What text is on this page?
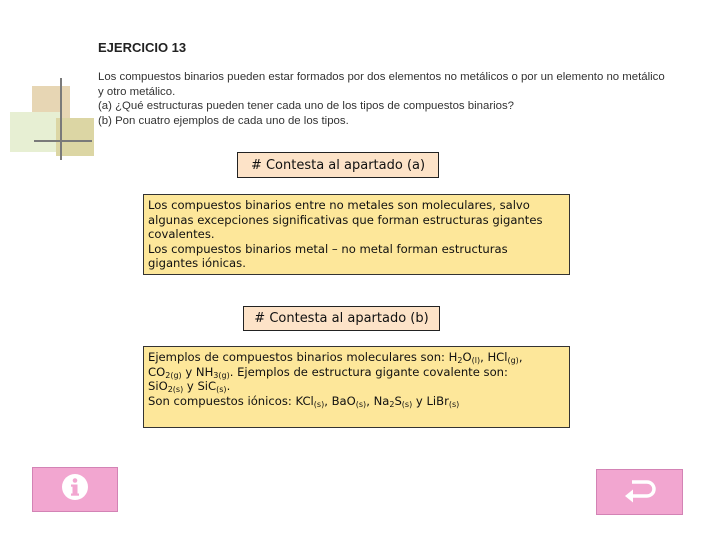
EJERCICIO 13
Los compuestos binarios pueden estar formados por dos elementos no metálicos o por un elemento no metálico
y otro metálico.
(a) ¿Qué estructuras pueden tener cada uno de los tipos de compuestos binarios?
(b) Pon cuatro ejemplos de cada uno de los tipos.
# Contesta al apartado (a)
Los compuestos binarios entre no metales son moleculares, salvo
algunas excepciones significativas que forman estructuras gigantes
covalentes.
Los compuestos binarios metal – no metal forman estructuras
gigantes iónicas.
# Contesta al apartado (b)
Ejemplos de compuestos binarios moleculares son: $H_2O_{(l)}$, HCl$_{(g)}$,
$CO_{2(g)}$ y $NH_{3(g)}$. Ejemplos de estructura gigante covalente son:
SiO$_{2(s)}$ y SiC$_{(s)}$.
Son compuestos iónicos: KCl$_{(s)}$, BaO$_{(s)}$, $Na_2S_{(s)}$ y LiBr$_{(s)}$
